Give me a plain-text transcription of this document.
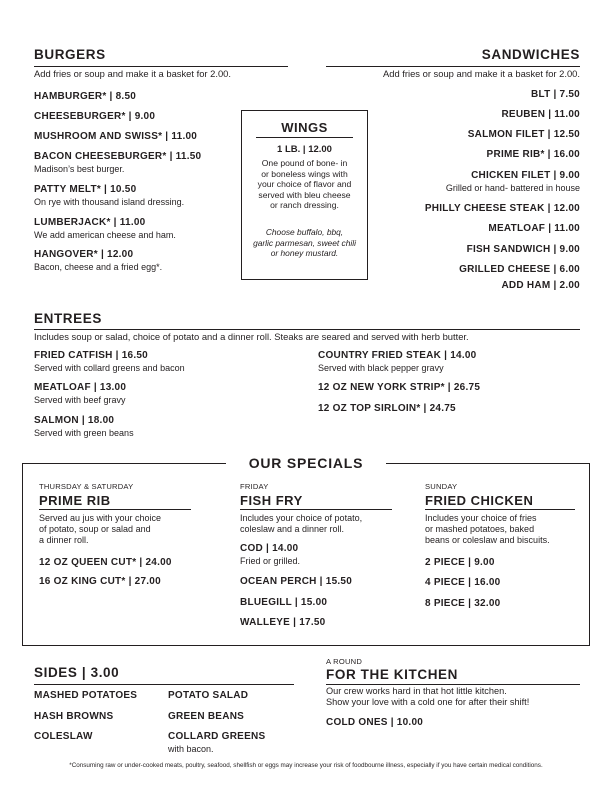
BURGERS
Add fries or soup and make it a basket for 2.00.
HAMBURGER* | 8.50
CHEESEBURGER* | 9.00
MUSHROOM AND SWISS* | 11.00
BACON CHEESEBURGER* | 11.50
Madison’s best burger.
PATTY MELT* | 10.50
On rye with thousand island dressing.
LUMBERJACK* | 11.00
We add american cheese and ham.
HANGOVER* | 12.00
Bacon, cheese and a fried egg*.
WINGS
1 LB. | 12.00
One pound of bone- in
or boneless wings with
your choice of flavor and
served with bleu cheese
or ranch dressing.
Choose buffalo, bbq,
garlic parmesan, sweet chili
or honey mustard.
SANDWICHES
Add fries or soup and make it a basket for 2.00.
BLT | 7.50
REUBEN | 11.00
SALMON FILET | 12.50
PRIME RIB* | 16.00
CHICKEN FILET | 9.00
Grilled or hand- battered in house
PHILLY CHEESE STEAK | 12.00
MEATLOAF | 11.00
FISH SANDWICH | 9.00
GRILLED CHEESE | 6.00
ADD HAM | 2.00
ENTREES
Includes soup or salad, choice of potato and a dinner roll. Steaks are seared and served with herb butter.
FRIED CATFISH | 16.50
Served with collard greens and bacon
MEATLOAF | 13.00
Served with beef gravy
SALMON | 18.00
Served with green beans
COUNTRY FRIED STEAK | 14.00
Served with black pepper gravy
12 OZ NEW YORK STRIP* | 26.75
12 OZ TOP SIRLOIN* | 24.75
OUR SPECIALS
THURSDAY & SATURDAY
PRIME RIB
Served au jus with your choice
of potato, soup or salad and
a dinner roll.
12 OZ QUEEN CUT* | 24.00
16 OZ KING CUT* | 27.00
FRIDAY
FISH FRY
Includes your choice of potato,
coleslaw and a dinner roll.
COD | 14.00
Fried or grilled.
OCEAN PERCH | 15.50
BLUEGILL | 15.00
WALLEYE | 17.50
SUNDAY
FRIED CHICKEN
Includes your choice of fries
or mashed potatoes, baked
beans or coleslaw and biscuits.
2 PIECE | 9.00
4 PIECE | 16.00
8 PIECE | 32.00
SIDES | 3.00
MASHED POTATOES
HASH BROWNS
COLESLAW
POTATO SALAD
GREEN BEANS
COLLARD GREENS
with bacon.
A ROUND
FOR THE KITCHEN
Our crew works hard in that hot little kitchen.
Show your love with a cold one for after their shift!
COLD ONES | 10.00
*Consuming raw or under-cooked meats, poultry, seafood, shellfish or eggs may increase your risk of foodbourne illness, especially if you have certain medical conditions.
